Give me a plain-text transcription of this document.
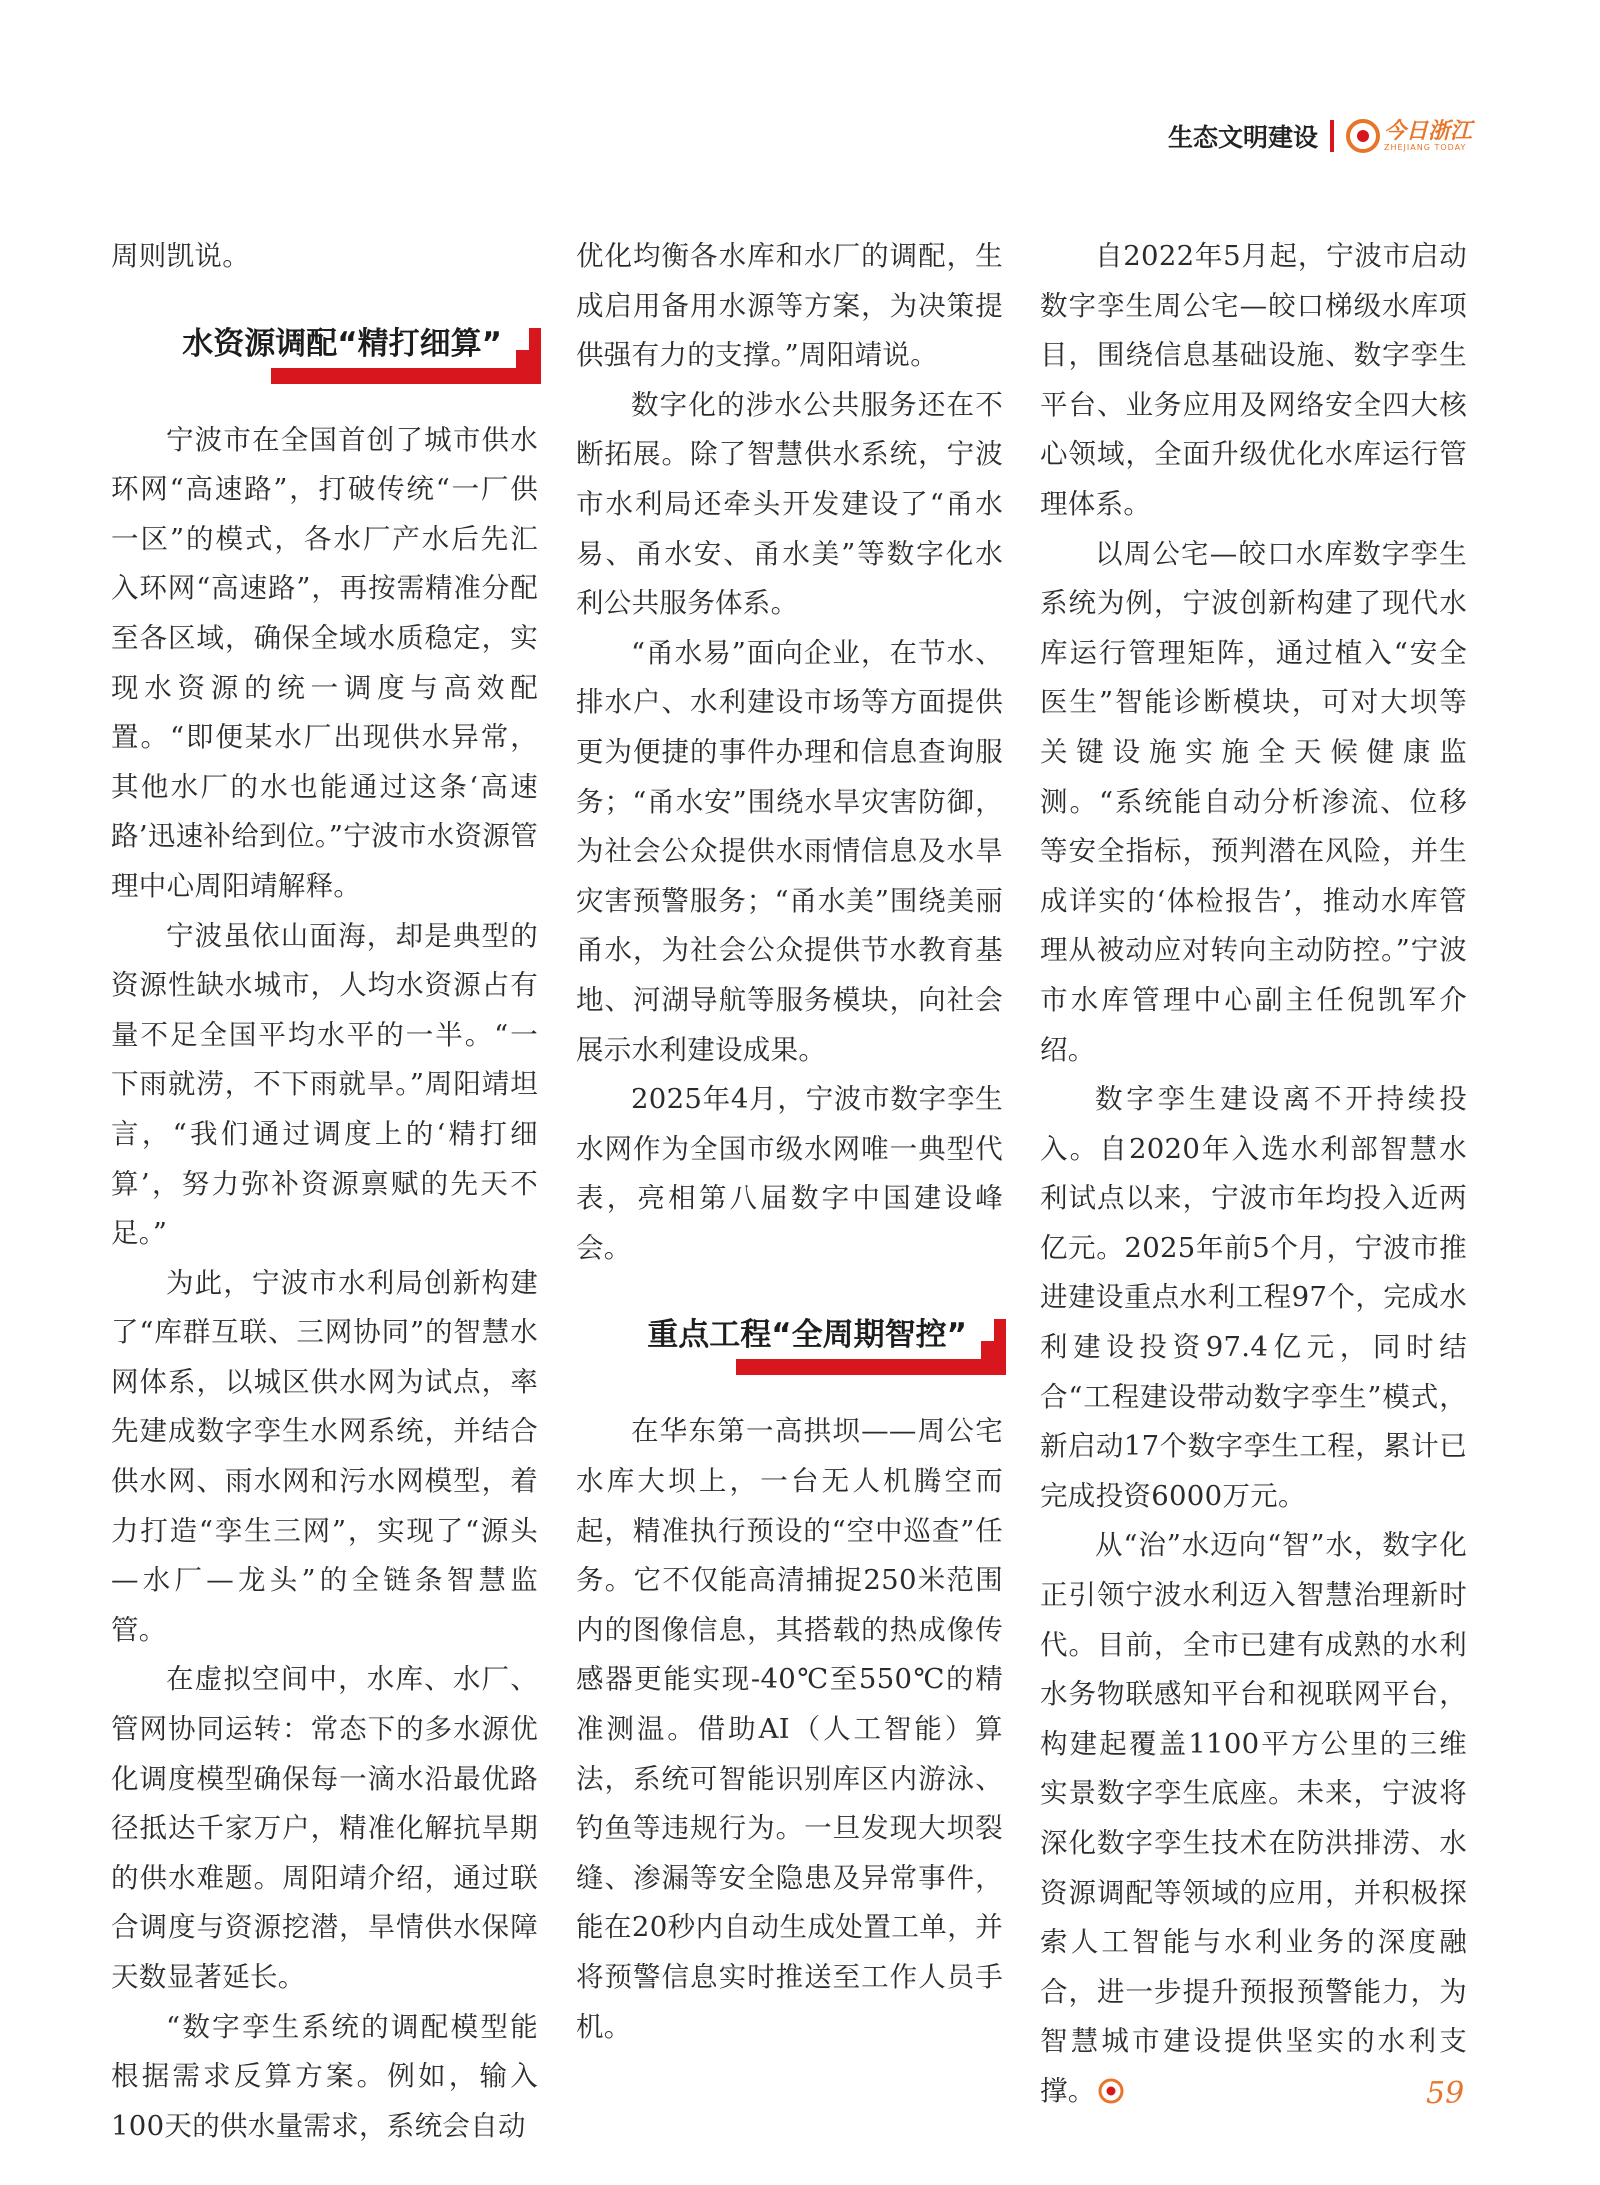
生态文明建设	今日浙江
ZHEJIANG TODAY

周则凯说。

水资源调配“精打细算”

宁波市在全国首创了城市供水环网“高速路”，打破传统“一厂供一区”的模式，各水厂产水后先汇入环网“高速路”，再按需精准分配至各区域，确保全域水质稳定，实现水资源的统一调度与高效配置。“即便某水厂出现供水异常，其他水厂的水也能通过这条‘高速路’迅速补给到位。”宁波市水资源管理中心周阳靖解释。

宁波虽依山面海，却是典型的资源性缺水城市，人均水资源占有量不足全国平均水平的一半。“一下雨就涝，不下雨就旱。”周阳靖坦言，“我们通过调度上的‘精打细算’，努力弥补资源禀赋的先天不足。”

为此，宁波市水利局创新构建了“库群互联、三网协同”的智慧水网体系，以城区供水网为试点，率先建成数字孪生水网系统，并结合供水网、雨水网和污水网模型，着力打造“孪生三网”，实现了“源头—水厂—龙头”的全链条智慧监管。

在虚拟空间中，水库、水厂、管网协同运转：常态下的多水源优化调度模型确保每一滴水沿最优路径抵达千家万户，精准化解抗旱期的供水难题。周阳靖介绍，通过联合调度与资源挖潜，旱情供水保障天数显著延长。

“数字孪生系统的调配模型能根据需求反算方案。例如，输入100天的供水量需求，系统会自动

优化均衡各水库和水厂的调配，生成启用备用水源等方案，为决策提供强有力的支撑。”周阳靖说。

数字化的涉水公共服务还在不断拓展。除了智慧供水系统，宁波市水利局还牵头开发建设了“甬水易、甬水安、甬水美”等数字化水利公共服务体系。

“甬水易”面向企业，在节水、排水户、水利建设市场等方面提供更为便捷的事件办理和信息查询服务；“甬水安”围绕水旱灾害防御，为社会公众提供水雨情信息及水旱灾害预警服务；“甬水美”围绕美丽甬水，为社会公众提供节水教育基地、河湖导航等服务模块，向社会展示水利建设成果。

2025年4月，宁波市数字孪生水网作为全国市级水网唯一典型代表，亮相第八届数字中国建设峰会。

重点工程“全周期智控”

在华东第一高拱坝——周公宅水库大坝上，一台无人机腾空而起，精准执行预设的“空中巡查”任务。它不仅能高清捕捉250米范围内的图像信息，其搭载的热成像传感器更能实现-40℃至550℃的精准测温。借助AI（人工智能）算法，系统可智能识别库区内游泳、钓鱼等违规行为。一旦发现大坝裂缝、渗漏等安全隐患及异常事件，能在20秒内自动生成处置工单，并将预警信息实时推送至工作人员手机。

自2022年5月起，宁波市启动数字孪生周公宅—皎口梯级水库项目，围绕信息基础设施、数字孪生平台、业务应用及网络安全四大核心领域，全面升级优化水库运行管理体系。

以周公宅—皎口水库数字孪生系统为例，宁波创新构建了现代水库运行管理矩阵，通过植入“安全医生”智能诊断模块，可对大坝等关键设施实施全天候健康监测。“系统能自动分析渗流、位移等安全指标，预判潜在风险，并生成详实的‘体检报告’，推动水库管理从被动应对转向主动防控。”宁波市水库管理中心副主任倪凯军介绍。

数字孪生建设离不开持续投入。自2020年入选水利部智慧水利试点以来，宁波市年均投入近两亿元。2025年前5个月，宁波市推进建设重点水利工程97个，完成水利建设投资97.4亿元，同时结合“工程建设带动数字孪生”模式，新启动17个数字孪生工程，累计已完成投资6000万元。

从“治”水迈向“智”水，数字化正引领宁波水利迈入智慧治理新时代。目前，全市已建有成熟的水利水务物联感知平台和视联网平台，构建起覆盖1100平方公里的三维实景数字孪生底座。未来，宁波将深化数字孪生技术在防洪排涝、水资源调配等领域的应用，并积极探索人工智能与水利业务的深度融合，进一步提升预报预警能力，为智慧城市建设提供坚实的水利支撑。	59
